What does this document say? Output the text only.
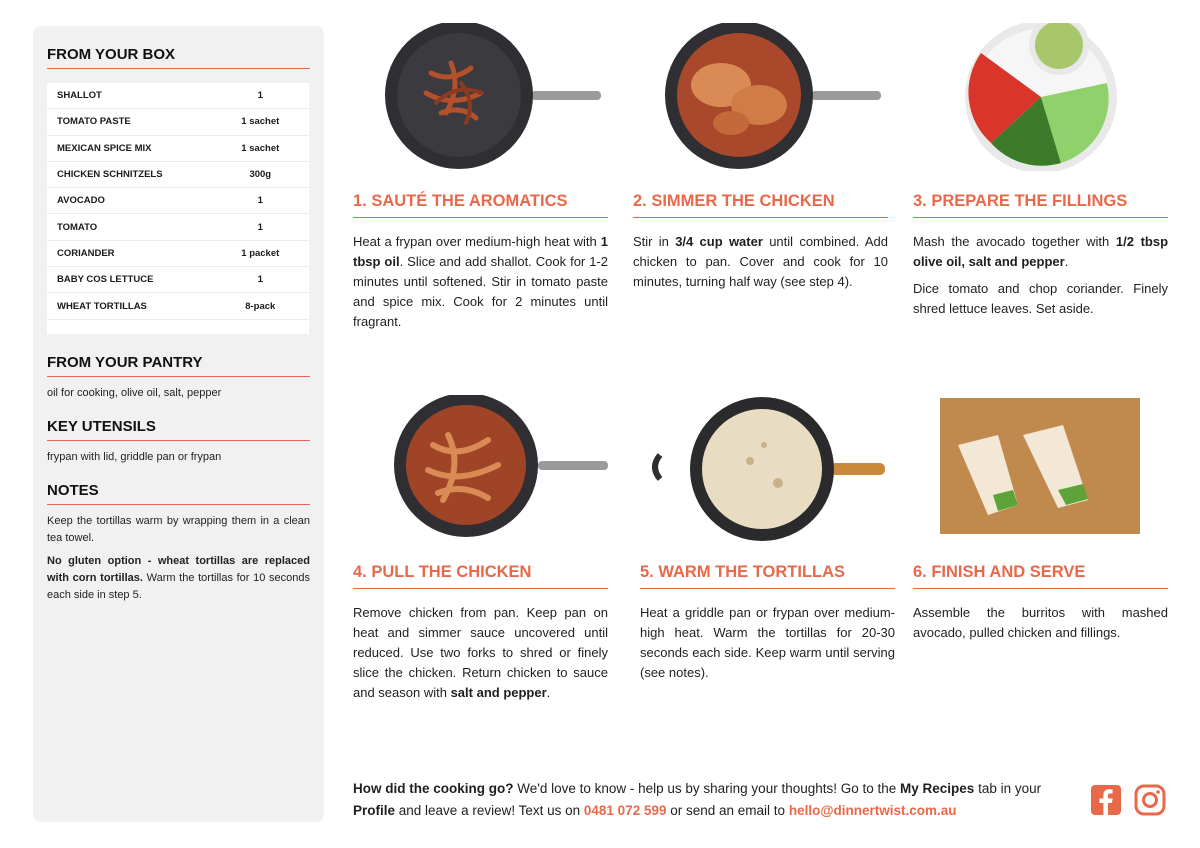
FROM YOUR BOX
SHALLOT	1
TOMATO PASTE	1 sachet
MEXICAN SPICE MIX	1 sachet
CHICKEN SCHNITZELS	300g
AVOCADO	1
TOMATO	1
CORIANDER	1 packet
BABY COS LETTUCE	1
WHEAT TORTILLAS	8-pack
FROM YOUR PANTRY
oil for cooking, olive oil, salt, pepper
KEY UTENSILS
frypan with lid, griddle pan or frypan
NOTES
Keep the tortillas warm by wrapping them in a clean tea towel.
No gluten option - wheat tortillas are replaced with corn tortillas. Warm the tortillas for 10 seconds each side in step 5.
1. SAUTÉ THE AROMATICS
Heat a frypan over medium-high heat with 1 tbsp oil. Slice and add shallot. Cook for 1-2 minutes until softened. Stir in tomato paste and spice mix. Cook for 2 minutes until fragrant.
2. SIMMER THE CHICKEN
Stir in 3/4 cup water until combined. Add chicken to pan. Cover and cook for 10 minutes, turning half way (see step 4).
3. PREPARE THE FILLINGS

Mash the avocado together with 1/2 tbsp olive oil, salt and pepper.

Dice tomato and chop coriander. Finely shred lettuce leaves. Set aside.

4. PULL THE CHICKEN
Remove chicken from pan. Keep pan on heat and simmer sauce uncovered until reduced. Use two forks to shred or finely slice the chicken. Return chicken to sauce and season with salt and pepper.
5. WARM THE TORTILLAS
Heat a griddle pan or frypan over medium-high heat. Warm the tortillas for 20-30 seconds each side. Keep warm until serving (see notes).
6. FINISH AND SERVE
Assemble the burritos with mashed avocado, pulled chicken and fillings.
How did the cooking go? We'd love to know - help us by sharing your thoughts! Go to the My Recipes tab in your Profile and leave a review! Text us on 0481 072 599 or send an email to hello@dinnertwist.com.au
